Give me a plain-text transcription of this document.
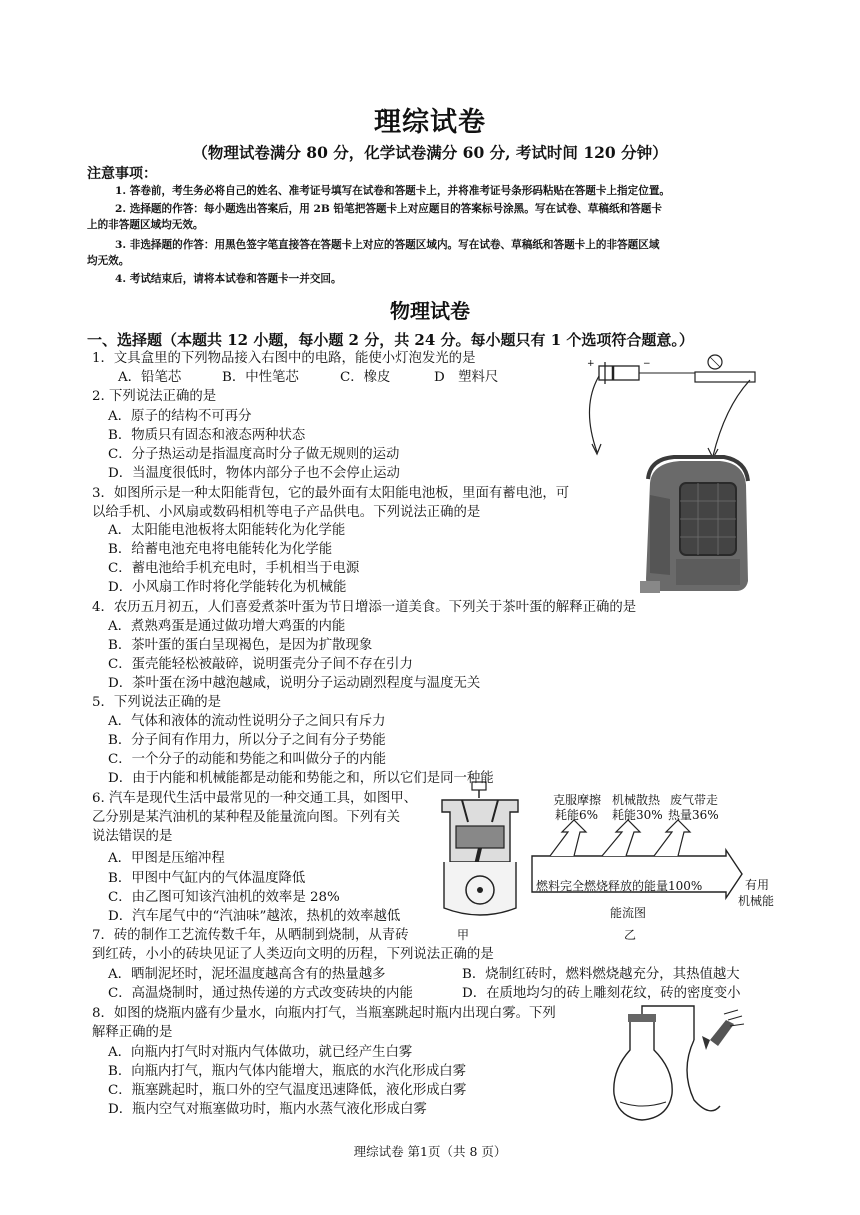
理综试卷
（物理试卷满分 80 分，化学试卷满分 60 分, 考试时间 120 分钟）
注意事项：
1. 答卷前，考生务必将自己的姓名、准考证号填写在试卷和答题卡上，并将准考证号条形码粘贴在答题卡上指定位置。
2. 选择题的作答：每小题选出答案后，用 2B 铅笔把答题卡上对应题目的答案标号涂黑。写在试卷、草稿纸和答题卡
上的非答题区域均无效。
3. 非选择题的作答：用黑色签字笔直接答在答题卡上对应的答题区域内。写在试卷、草稿纸和答题卡上的非答题区域
均无效。
4. 考试结束后，请将本试卷和答题卡一并交回。
物理试卷
一、选择题（本题共 12 小题，每小题 2 分，共 24 分。每小题只有 1 个选项符合题意。）
1．文具盒里的下列物品接入右图中的电路，能使小灯泡发光的是
A．铅笔芯	B．中性笔芯	C．橡皮	D　塑料尺
+	−
2. 下列说法正确的是
A．原子的结构不可再分
B．物质只有固态和液态两种状态
C．分子热运动是指温度高时分子做无规则的运动
D．当温度很低时，物体内部分子也不会停止运动
3．如图所示是一种太阳能背包，它的最外面有太阳能电池板，里面有蓄电池，可
以给手机、小风扇或数码相机等电子产品供电。下列说法正确的是
A．太阳能电池板将太阳能转化为化学能
B．给蓄电池充电将电能转化为化学能
C．蓄电池给手机充电时，手机相当于电源
D．小风扇工作时将化学能转化为机械能
4．农历五月初五，人们喜爱煮茶叶蛋为节日增添一道美食。下列关于茶叶蛋的解释正确的是
A．煮熟鸡蛋是通过做功增大鸡蛋的内能
B．茶叶蛋的蛋白呈现褐色，是因为扩散现象
C．蛋壳能轻松被敲碎，说明蛋壳分子间不存在引力
D．茶叶蛋在汤中越泡越咸，说明分子运动剧烈程度与温度无关
5．下列说法正确的是
A．气体和液体的流动性说明分子之间只有斥力
B．分子间有作用力，所以分子之间有分子势能
C．一个分子的动能和势能之和叫做分子的内能
D．由于内能和机械能都是动能和势能之和，所以它们是同一种能
6. 汽车是现代生活中最常见的一种交通工具，如图甲、
乙分别是某汽油机的某种程及能量流向图。下列有关
说法错误的是
A．甲图是压缩冲程
B．甲图中气缸内的气体温度降低
C．由乙图可知该汽油机的效率是 28%
D．汽车尾气中的“汽油味”越浓，热机的效率越低
甲
克服摩擦
耗能6%
机械散热
耗能30%
废气带走
热量36%
燃料完全燃烧释放的能量100%	有用
机械能
能流图
乙
7．砖的制作工艺流传数千年，从晒制到烧制，从青砖
到红砖，小小的砖块见证了人类迈向文明的历程，下列说法正确的是
A．晒制泥坯时，泥坯温度越高含有的热量越多	B．烧制红砖时，燃料燃烧越充分，其热值越大
C．高温烧制时，通过热传递的方式改变砖块的内能	D．在质地均匀的砖上雕刻花纹，砖的密度变小
8．如图的烧瓶内盛有少量水，向瓶内打气，当瓶塞跳起时瓶内出现白雾。下列
解释正确的是
A．向瓶内打气时对瓶内气体做功，就已经产生白雾
B．向瓶内打气，瓶内气体内能增大，瓶底的水汽化形成白雾
C．瓶塞跳起时，瓶口外的空气温度迅速降低，液化形成白雾
D．瓶内空气对瓶塞做功时，瓶内水蒸气液化形成白雾
理综试卷 第1页（共 8 页）
